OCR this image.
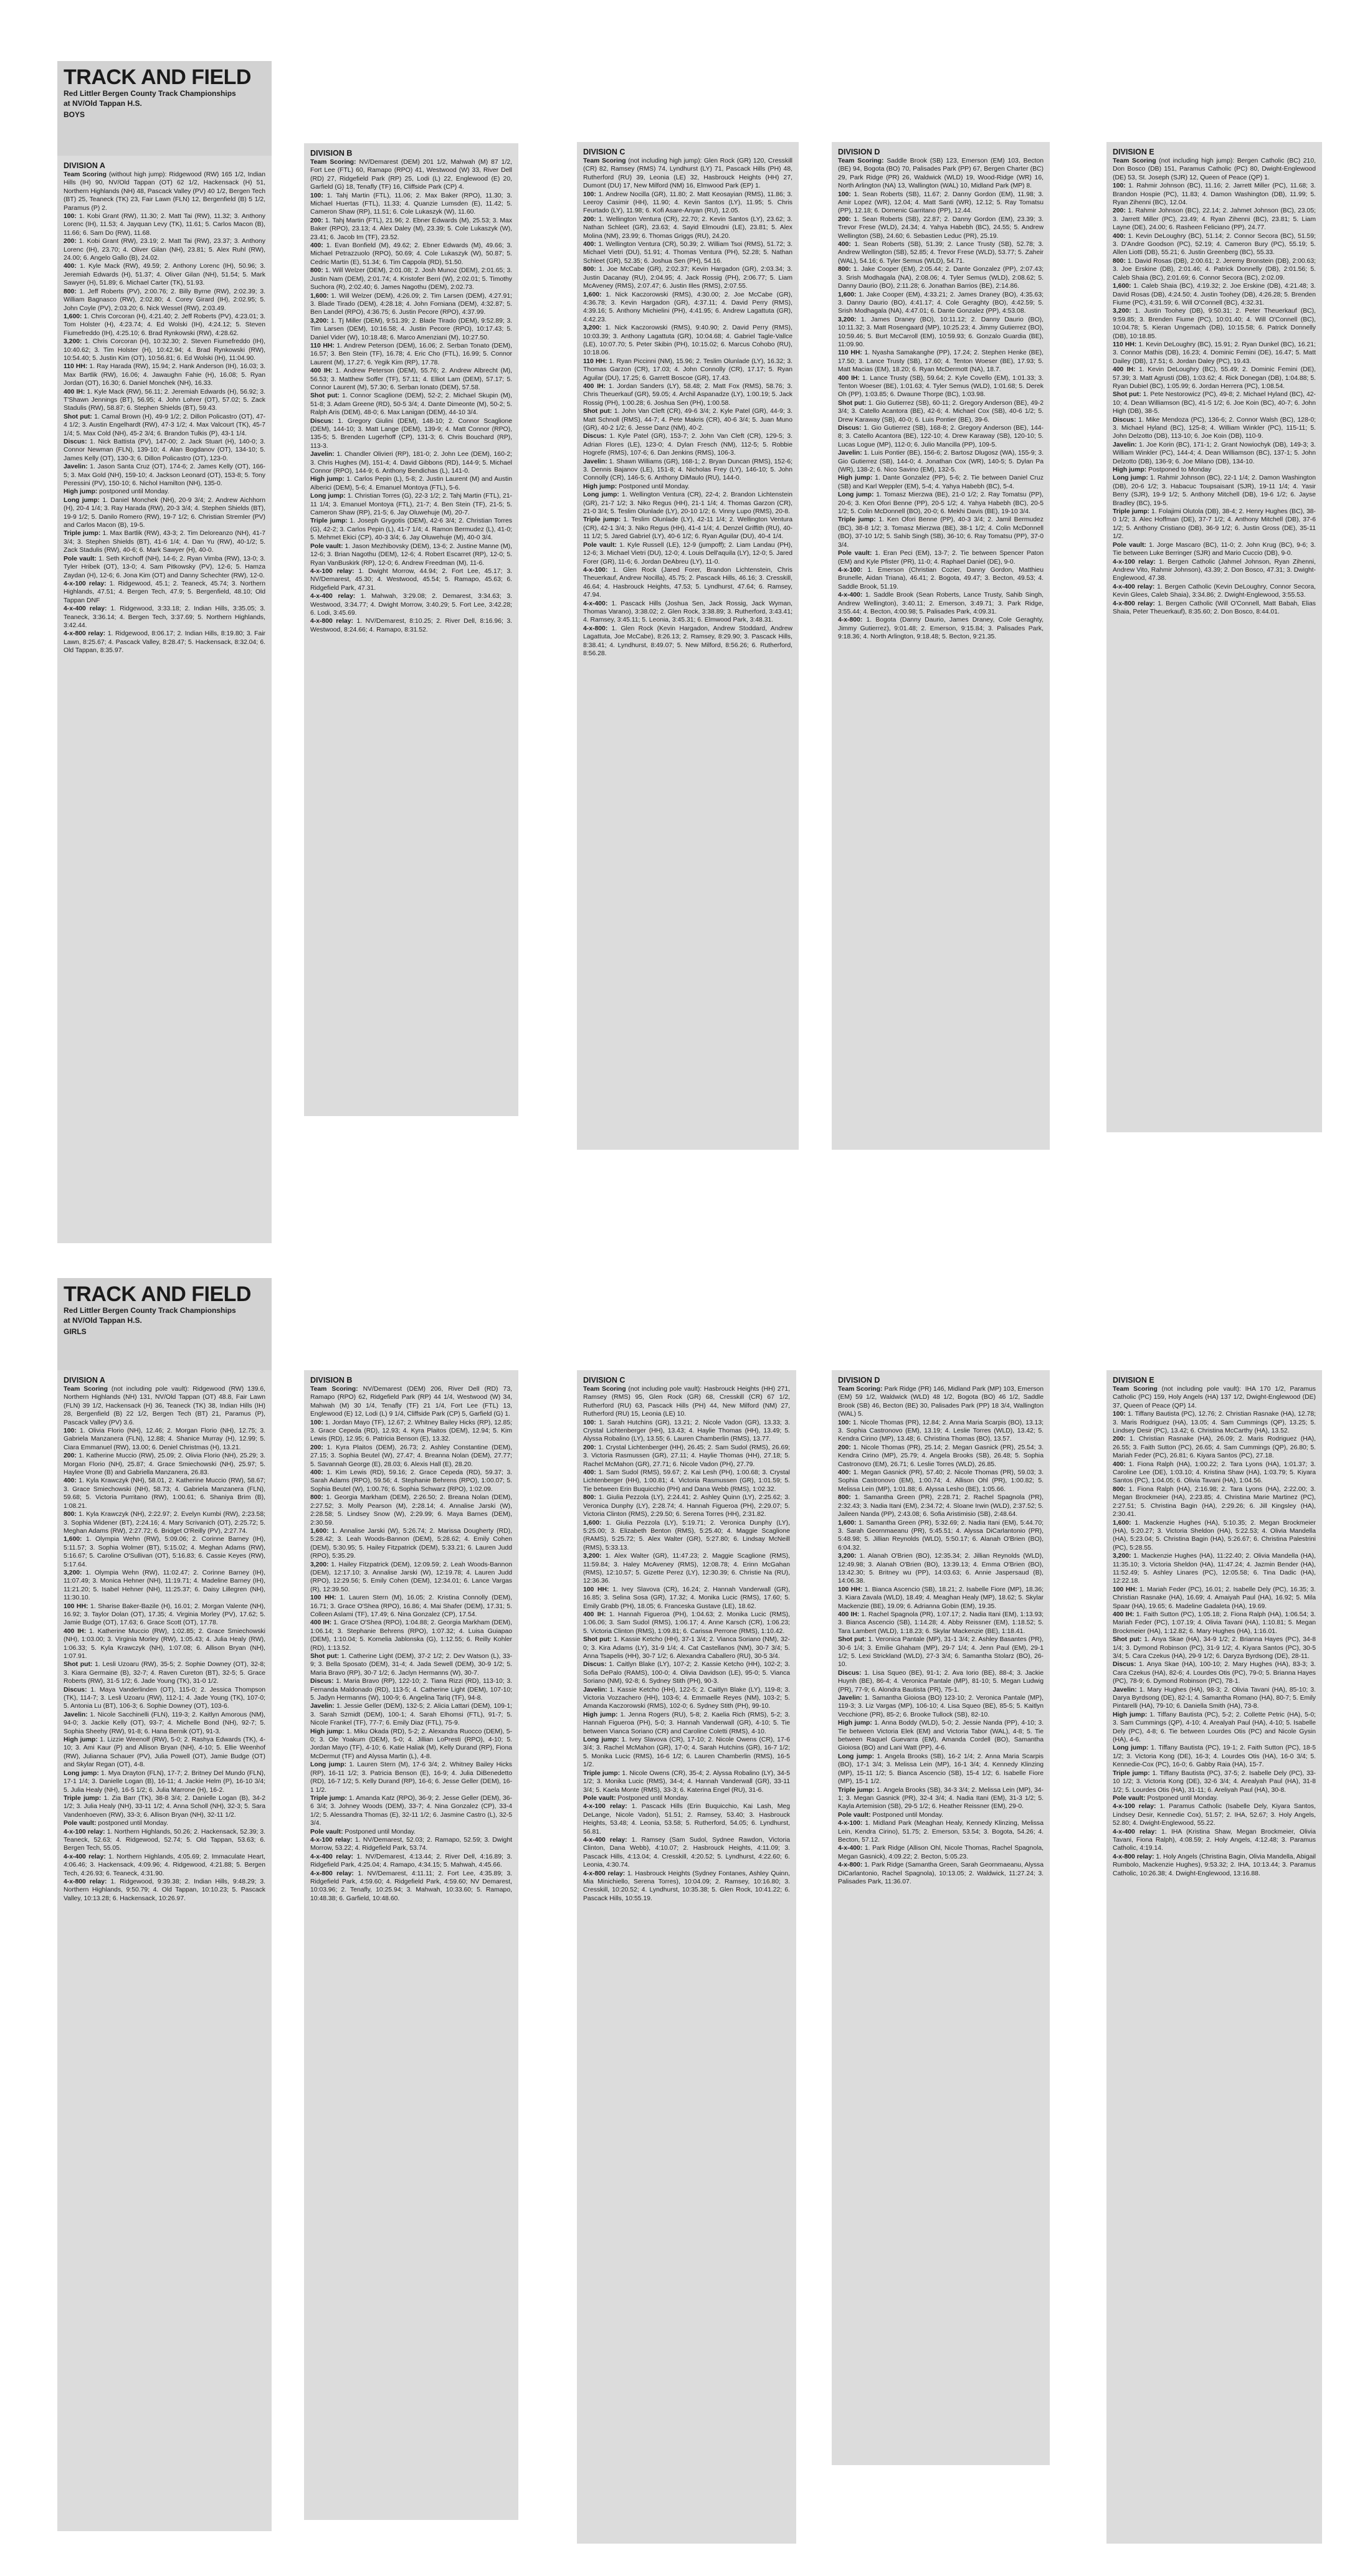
TRACK AND FIELD
Red Littler Bergen County Track Championships
at NV/Old Tappan H.S.
BOYS
DIVISION A

Team Scoring (without high jump): Ridgewood (RW) 165 1/2, Indian Hills (IH) 90, NV/Old Tappan (OT) 62 1/2, Hackensack (H) 51, Northern Highlands (NH) 48, Pascack Valley (PV) 40 1/2, Bergen Tech (BT) 25, Teaneck (TK) 23, Fair Lawn (FLN) 12, Bergenfield (B) 5 1/2, Paramus (P) 2.

100: 1. Kobi Grant (RW), 11.30; 2. Matt Tai (RW), 11.32; 3. Anthony Lorenc (IH), 11.53; 4. Jayquan Levy (TK), 11.61; 5. Carlos Macon (B), 11.66; 6. Sam Do (RW), 11.68.

200: 1. Kobi Grant (RW), 23.19; 2. Matt Tai (RW), 23.37; 3. Anthony Lorenc (IH), 23.70; 4. Oliver Gilan (NH), 23.81; 5. Alex Ruhl (RW), 24.00; 6. Angelo Gallo (B), 24.02.

400: 1. Kyle Mack (RW), 49.59; 2. Anthony Lorenc (IH), 50.96; 3. Jeremiah Edwards (H), 51.37; 4. Oliver Gilan (NH), 51.54; 5. Mark Sawyer (H), 51.89; 6. Michael Carter (TK), 51.93.

800: 1. Jeff Roberts (PV), 2:00.76; 2. Billy Byrne (RW), 2:02.39; 3. William Bagnasco (RW), 2:02.80; 4. Corey Girard (IH), 2:02.95; 5. John Coyle (PV), 2:03.20; 6. Nick Wessel (RW), 2:03.49.

1,600: 1. Chris Corcoran (H), 4:21.40; 2. Jeff Roberts (PV), 4:23.01; 3. Tom Holster (H), 4:23.74; 4. Ed Wolski (IH), 4:24.12; 5. Steven Fiumefreddo (IH), 4:25.10; 6. Brad Rynkowski (RW), 4:28.62.

3,200: 1. Chris Corcoran (H), 10:32.30; 2. Steven Fiumefreddo (IH), 10:40.62; 3. Tim Holster (H), 10:42.94; 4. Brad Rynkowski (RW), 10:54.40; 5. Justin Kim (OT), 10:56.81; 6. Ed Wolski (IH), 11:04.90.

110 HH: 1. Ray Harada (RW), 15.94; 2. Hank Anderson (IH), 16.03; 3. Max Bartlik (RW), 16.06; 4. Jawaughn Fahie (H), 16.08; 5. Ryan Jordan (OT), 16.30; 6. Daniel Monchek (NH), 16.33.

400 IH: 1. Kyle Mack (RW), 56.11; 2. Jeremiah Edwards (H), 56.92; 3. T'Shawn Jennings (BT), 56.95; 4. John Lohrer (OT), 57.02; 5. Zack Stadulis (RW), 58.87; 6. Stephen Shields (BT), 59.43.

Shot put: 1. Camal Brown (H), 49-9 1/2; 2. Dillon Policastro (OT), 47-4 1/2; 3. Austin Engelhardt (RW), 47-3 1/2; 4. Max Valcourt (TK), 45-7 1/4; 5. Max Cold (NH), 45-2 3/4; 6. Brandon Tulkis (P), 43-1 1/4.

Discus: 1. Nick Battista (PV), 147-00; 2. Jack Stuart (H), 140-0; 3. Connor Newman (FLN), 139-10; 4. Alan Bogdanov (OT), 134-10; 5. James Kelly (OT), 130-3; 6. Dillon Policastro (OT), 123-0.

Javelin: 1. Jason Santa Cruz (OT), 174-6; 2. James Kelly (OT), 166-5; 3. Max Gold (NH), 159-10; 4. Jackson Leonard (OT), 153-8; 5. Tony Peressini (PV), 150-10; 6. Nichol Hamilton (NH), 135-0.

High jump: postponed until Monday.

Long jump: 1. Daniel Monchek (NH), 20-9 3/4; 2. Andrew Aichhorn (H), 20-4 1/4; 3. Ray Harada (RW), 20-3 3/4; 4. Stephen Shields (BT), 19-9 1/2; 5. Danilo Romero (RW), 19-7 1/2; 6. Christian Stremler (PV) and Carlos Macon (B), 19-5.

Triple jump: 1. Max Bartlik (RW), 43-3; 2. Tim Deloreanzo (NH), 41-7 3/4; 3. Stephen Shields (BT), 41-6 1/4; 4. Dan Yu (RW), 40-1/2; 5. Zack Stadulis (RW), 40-6; 6. Mark Sawyer (H), 40-0.

Pole vault: 1. Seth Kirchoff (NH), 14-6; 2. Ryan Vimba (RW), 13-0; 3. Tyler Hribek (OT), 13-0; 4. Sam Pitkowsky (PV), 12-6; 5. Hamza Zaydan (H), 12-6; 6. Jona Kim (OT) and Danny Schechter (RW), 12-0.

4-x-100 relay: 1. Ridgewood, 45.1; 2. Teaneck, 45.74; 3. Northern Highlands, 47.51; 4. Bergen Tech, 47.9; 5. Bergenfield, 48.10; Old Tappan DNF

4-x-400 relay: 1. Ridgewood, 3:33.18; 2. Indian Hills, 3:35.05; 3. Teaneck, 3:36.14; 4. Bergen Tech, 3:37.69; 5. Northern Highlands, 3:42.44.

4-x-800 relay: 1. Ridgewood, 8:06.17; 2. Indian Hills, 8:19.80; 3. Fair Lawn, 8:25.67; 4. Pascack Valley, 8:28.47; 5. Hackensack, 8:32.04; 6. Old Tappan, 8:35.97.

DIVISION B

Team Scoring: NV/Demarest (DEM) 201 1/2, Mahwah (M) 87 1/2, Fort Lee (FTL) 60, Ramapo (RPO) 41, Westwood (W) 33, River Dell (RD) 27, Ridgefield Park (RP) 25, Lodi (L) 22, Englewood (E) 20, Garfield (G) 18, Tenafly (TF) 16, Cliffside Park (CP) 4.

100: 1. Tahj Martin (FTL), 11.06; 2. Max Baker (RPO), 11.30; 3. Michael Huertas (FTL), 11.33; 4. Quanzie Lumsden (E), 11.42; 5. Cameron Shaw (RP), 11.51; 6. Cole Lukaszyk (W), 11.60.

200: 1. Tahj Martin (FTL), 21.96; 2. Ebner Edwards (M), 25.53; 3. Max Baker (RPO), 23.13; 4. Alex Daley (M), 23.39; 5. Cole Lukaszyk (W), 23.41; 6. Jacob Im (TF), 23.52.

400: 1. Evan Bonfield (M), 49.62; 2. Ebner Edwards (M), 49.66; 3. Michael Petrazzuolo (RPO), 50.69; 4. Cole Lukaszyk (W), 50.87; 5. Cedric Martin (E), 51.34; 6. Tim Cappola (RD), 51.50.

800: 1. Will Welzer (DEM), 2:01.08; 2. Josh Munoz (DEM), 2:01.65; 3. Justin Nam (DEM), 2:01.74; 4. Kristofer Berri (W), 2:02.01; 5. Timothy Suchora (R), 2:02.40; 6. James Nagothu (DEM), 2:02.73.

1,600: 1. Will Welzer (DEM), 4:26.09; 2. Tim Larsen (DEM), 4:27.91; 3. Blade Tirado (DEM), 4:28.18; 4. John Forniana (DEM), 4:32.87; 5. Ben Landel (RPO), 4:36.75; 6. Justin Pecore (RPO), 4:37.99.

3,200: 1. Tj Miller (DEM), 9:51.39; 2. Blade Tirado (DEM), 9:52.89; 3. Tim Larsen (DEM), 10:16.58; 4. Justin Pecore (RPO), 10:17.43; 5. Daniel Vider (W), 10:18.48; 6. Marco Amenziani (M), 10:27.50.

110 HH: 1. Andrew Peterson (DEM), 16.06; 2. Serban Tonato (DEM), 16.57; 3. Ben Stein (TF), 16.78; 4. Eric Cho (FTL), 16.99; 5. Connor Laurent (M), 17.27; 6. Yegik Kim (RP), 17.78.

400 IH: 1. Andrew Peterson (DEM), 55.76; 2. Andrew Albrecht (M), 56.53; 3. Matthew Soffer (TF), 57.11; 4. Elliot Lam (DEM), 57.17; 5. Connor Laurent (M), 57.30; 6. Serban Ionato (DEM), 57.58.

Shot put: 1. Connor Scaglione (DEM), 52-2; 2. Michael Skupin (M), 51-8; 3. Adam Greene (RD), 50-5 3/4; 4. Dante Dimeonte (M), 50-2; 5. Ralph Aris (DEM), 48-0; 6. Max Lanigan (DEM), 44-10 3/4.

Discus: 1. Gregory Giulini (DEM), 148-10; 2. Connor Scaglione (DEM), 144-10; 3. Matt Lange (DEM), 139-9; 4. Matt Connor (RPO), 135-5; 5. Brenden Lugerhoff (CP), 131-3; 6. Chris Bouchard (RP), 113-3.

Javelin: 1. Chandler Olivieri (RP), 181-0; 2. John Lee (DEM), 160-2; 3. Chris Hughes (M), 151-4; 4. David Gibbons (RD), 144-9; 5. Michael Connor (RPO), 144-9; 6. Anthony Bendichas (L), 141-0.

High jump: 1. Carlos Pepin (L), 5-8; 2. Justin Laurent (M) and Austin Alberici (DEM), 5-6; 4. Emanuel Montoya (FTL), 5-6.

Long jump: 1. Christian Torres (G), 22-3 1/2; 2. Tahj Martin (FTL), 21-11 1/4; 3. Emanuel Montoya (FTL), 21-7; 4. Ben Stein (TF), 21-5; 5. Cameron Shaw (RP), 21-5; 6. Jay Oluwehuje (M), 20-7.

Triple jump: 1. Joseph Grygotis (DEM), 42-6 3/4; 2. Christian Torres (G), 42-2; 3. Carlos Pepin (L), 41-7 1/4; 4. Ramon Bermudez (L), 41-0; 5. Mehmet Ekici (CP), 40-3 3/4; 6. Jay Oluwehuje (M), 40-0 3/4.

Pole vault: 1. Jason Mezhibovsky (DEM), 13-6; 2. Justine Manne (M), 12-6; 3. Brian Nagothu (DEM), 12-6; 4. Robert Escarret (RP), 12-0; 5. Ryan VanBuskirk (RP), 12-0; 6. Andrew Freedman (M), 11-6.

4-x-100 relay: 1. Dwight Morrow, 44.94; 2. Fort Lee, 45.17; 3. NV/Demarest, 45.30; 4. Westwood, 45.54; 5. Ramapo, 45.63; 6. Ridgefield Park, 47.31.

4-x-400 relay: 1. Mahwah, 3:29.08; 2. Demarest, 3:34.63; 3. Westwood, 3:34.77; 4. Dwight Morrow, 3:40.29; 5. Fort Lee, 3:42.28; 6. Lodi, 3:45.69.

4-x-800 relay: 1. NV/Demarest, 8:10.25; 2. River Dell, 8:16.96; 3. Westwood, 8:24.66; 4. Ramapo, 8:31.52.

DIVISION C

Team Scoring (not including high jump): Glen Rock (GR) 120, Cresskill (CR) 82, Ramsey (RMS) 74, Lyndhurst (LY) 71, Pascack Hills (PH) 48, Rutherford (RU) 39, Leonia (LE) 32, Hasbrouck Heights (HH) 27, Dumont (DU) 17, New Milford (NM) 16, Elmwood Park (EP) 1.

100: 1. Andrew Nocilla (GR), 11.80; 2. Matt Keosayian (RMS), 11.86; 3. Leeroy Casimir (HH), 11.90; 4. Kevin Santos (LY), 11.95; 5. Chris Feurtado (LY), 11.98; 6. Kofi Asare-Anyan (RU), 12.05.

200: 1. Wellington Ventura (CR), 22.70; 2. Kevin Santos (LY), 23.62; 3. Nathan Schleet (GR), 23.63; 4. Sayid Elmoudni (LE), 23.81; 5. Alex Molina (NM), 23.99; 6. Thomas Griggs (RU), 24.20.

400: 1. Wellington Ventura (CR), 50.39; 2. William Tsoi (RMS), 51.72; 3. Michael Vietri (DU), 51.91; 4. Thomas Ventura (PH), 52.28; 5. Nathan Schleet (GR), 52.35; 6. Joshua Sen (PH), 54.16.

800: 1. Joe McCabe (GR), 2:02.37; Kevin Hargadon (GR), 2:03.34; 3. Justin Dacanay (RU), 2:04.95; 4. Jack Rossig (PH), 2:06.77; 5. Liam McAveney (RMS), 2:07.47; 6. Justin Illes (RMS), 2:07.55.

1,600: 1. Nick Kaczorowski (RMS), 4:30.00; 2. Joe McCabe (GR), 4:36.78; 3. Kevin Hargadon (GR), 4:37.11; 4. David Perry (RMS), 4:39.16; 5. Anthony Michielini (PH), 4:41.95; 6. Andrew Lagattuta (GR), 4:42.23.

3,200: 1. Nick Kaczorowski (RMS), 9:40.90; 2. David Perry (RMS), 10:03.39; 3. Anthony Lagattuta (GR), 10:04.68; 4. Gabriel Tagle-Vallce (LE), 10:07.70; 5. Peter Skibin (PH), 10:15.02; 6. Marcus Cohobo (RU), 10:18.06.

110 HH: 1. Ryan Piccinni (NM), 15.96; 2. Teslim Olunlade (LY), 16.32; 3. Thomas Garzon (CR), 17.03; 4. John Connolly (CR), 17.17; 5. Ryan Aguilar (DU), 17.25; 6. Garrett Boscoe (GR), 17.43.

400 IH: 1. Jordan Sanders (LY), 58.48; 2. Matt Fox (RMS), 58.76; 3. Chris Theuerkauf (GR), 59.05; 4. Archil Aspanadze (LY), 1:00.19; 5. Jack Rossig (PH), 1:00.28; 6. Joshua Sen (PH), 1:00.58.

Shot put: 1. John Van Cleft (CR), 49-6 3/4; 2. Kyle Patel (GR), 44-9; 3. Matt Schnoll (RMS), 44-7; 4. Pete Makris (CR), 40-6 3/4; 5. Juan Muno (GR), 40-2 1/2; 6. Jesse Danz (NM), 40-2.

Discus: 1. Kyle Patel (GR), 153-7; 2. John Van Cleft (CR), 129-5; 3. Adrian Flores (LE), 123-0; 4. Dylan Fresch (NM), 112-5; 5. Robbie Hogrefe (RMS), 107-6; 6. Dan Jenkins (RMS), 106-3.

Javelin: 1. Shawn Williams (GR), 168-1; 2. Bryan Duncan (RMS), 152-6; 3. Dennis Bajanov (LE), 151-8; 4. Nicholas Frey (LY), 146-10; 5. John Connolly (CR), 146-5; 6. Anthony DiMaulo (RU), 144-0.

High jump: Postponed until Monday.

Long jump: 1. Wellington Ventura (CR), 22-4; 2. Brandon Lichtenstein (GR), 21-7 1/2; 3. Niko Regus (HH), 21-1 1/4; 4. Thomas Garzon (CR), 21-0 3/4; 5. Teslim Olunlade (LY), 20-10 1/2; 6. Vinny Lupo (RMS), 20-8.

Triple jump: 1. Teslim Olunlade (LY), 42-11 1/4; 2. Wellington Ventura (CR), 42-1 3/4; 3. Niko Regus (HH), 41-4 1/4; 4. Denzel Griffith (RU), 40-11 1/2; 5. Jared Gabriel (LY), 40-6 1/2; 6. Ryan Aguilar (DU), 40-4 1/4.

Pole vault: 1. Kyle Russell (LE), 12-9 (jumpoff); 2. Liam Landau (PH), 12-6; 3. Michael Vietri (DU), 12-0; 4. Louis Dell'aquila (LY), 12-0; 5. Jared Forer (GR), 11-6; 6. Jordan DeAbreu (LY), 11-0.

4-x-100: 1. Glen Rock (Jared Forer, Brandon Lichtenstein, Chris Theuerkauf, Andrew Nocilla), 45.75; 2. Pascack Hills, 46.16; 3. Cresskill, 46.64; 4. Hasbrouck Heights, 47.53; 5. Lyndhurst, 47.64; 6. Ramsey, 47.94.

4-x-400: 1. Pascack Hills (Joshua Sen, Jack Rossig, Jack Wyman, Thomas Varano), 3:38.02; 2. Glen Rock, 3:38.89; 3. Rutherford, 3:43.41; 4. Ramsey, 3:45.11; 5. Leonia, 3:45.31; 6. Elmwood Park, 3:48.31.

4-x-800: 1. Glen Rock (Kevin Hargadon, Andrew Stoddard, Andrew Lagattuta, Joe McCabe), 8:26.13; 2. Ramsey, 8:29.90; 3. Pascack Hills, 8:38.41; 4. Lyndhurst, 8:49.07; 5. New Milford, 8:56.26; 6. Rutherford, 8:56.28.

DIVISION D

Team Scoring: Saddle Brook (SB) 123, Emerson (EM) 103, Becton (BE) 94, Bogota (BO) 70, Palisades Park (PP) 67, Bergen Charter (BC) 29, Park Ridge (PR) 26, Waldwick (WLD) 19, Wood-Ridge (WR) 16, North Arlington (NA) 13, Wallington (WAL) 10, Midland Park (MP) 8.

100: 1. Sean Roberts (SB), 11.67; 2. Danny Gordon (EM), 11.98; 3. Amir Lopez (WR), 12.04; 4. Matt Santi (WR), 12.12; 5. Ray Tomatsu (PP), 12.18; 6. Domenic Garritano (PP), 12.44.

200: 1. Sean Roberts (SB), 22.87; 2. Danny Gordon (EM), 23.39; 3. Trevor Frese (WLD), 24.34; 4. Yahya Habebh (BC), 24.55; 5. Andrew Wellington (SB), 24.60; 6. Sebastien Leduc (PR), 25.19.

400: 1. Sean Roberts (SB), 51.39; 2. Lance Trusty (SB), 52.78; 3. Andrew Wellington (SB), 52.85; 4. Trevor Frese (WLD), 53.77; 5. Zaheir (WAL), 54.16; 6. Tyler Semus (WLD), 54.71.

800: 1. Jake Cooper (EM), 2:05.44; 2. Dante Gonzalez (PP), 2:07.43; 3. Srish Modhagala (NA), 2:08.06; 4. Tyler Semus (WLD), 2:08.62; 5. Danny Daurio (BO), 2:11.28; 6. Jonathan Barrios (BE), 2:14.86.

1,600: 1. Jake Cooper (EM), 4:33.21; 2. James Draney (BO), 4:35.63; 3. Danny Daurio (BO), 4:41.17; 4. Cole Geraghty (BO), 4:42.59; 5. Srish Modhagala (NA), 4:47.01; 6. Dante Gonzalez (PP), 4:53.08.

3,200: 1. James Draney (BO), 10:11.12; 2. Danny Daurio (BO), 10:11.32; 3. Matt Rosengaard (MP), 10:25.23; 4. Jimmy Gutierrez (BO), 10:59.46; 5. Burt McCarroll (EM), 10:59.93; 6. Gonzalo Guardia (BE), 11:09.90.

110 HH: 1. Nyasha Samakanghe (PP), 17.24; 2. Stephen Henke (BE), 17.50; 3. Lance Trusty (SB), 17.60; 4. Tenton Woeser (BE), 17.93; 5. Matt Macias (EM), 18.20; 6. Ryan McDermott (NA), 18.7.

400 IH: 1. Lance Trusty (SB), 59.64; 2. Kyle Covello (EM), 1:01.33; 3. Tenton Woeser (BE), 1:01.63; 4. Tyler Semus (WLD), 1:01.68; 5. Derek Oh (PP), 1:03.85; 6. Dwaune Thorpe (BC), 1:03.98.

Shot put: 1. Gio Gutierrez (SB), 60-11; 2. Gregory Anderson (BE), 49-2 3/4; 3. Catello Acantora (BE), 42-6; 4. Michael Cox (SB), 40-6 1/2; 5. Drew Karaway (SB), 40-0; 6. Luis Pontier (BE), 39-6.

Discus: 1. Gio Gutierrez (SB), 168-8; 2. Gregory Anderson (BE), 144-8; 3. Catello Acantora (BE), 122-10; 4. Drew Karaway (SB), 120-10; 5. Lucas Logue (MP), 112-0; 6. Julio Mancilla (PP), 109-5.

Javelin: 1. Luis Pontier (BE), 156-6; 2. Bartosz Dlugosz (WA), 155-9; 3. Gio Gutierrez (SB), 144-0; 4. Jonathan Cox (WR), 140-5; 5. Dylan Pa (WR), 138-2; 6. Nico Savino (EM), 132-5.

High jump: 1. Dante Gonzalez (PP), 5-6; 2. Tie between Daniel Cruz (SB) and Karl Weppler (EM), 5-4; 4. Yahya Habebh (BC), 5-4.

Long jump: 1. Tomasz Mierzwa (BE), 21-0 1/2; 2. Ray Tomatsu (PP), 20-6; 3. Ken Ofori Benne (PP), 20-5 1/2; 4. Yahya Habebh (BC), 20-5 1/2; 5. Colin McDonnell (BO), 20-0; 6. Mekhi Davis (BE), 19-10 3/4.

Triple jump: 1. Ken Ofori Benne (PP), 40-3 3/4; 2. Jamil Bermudez (BC), 38-8 1/2; 3. Tomasz Mierzwa (BE), 38-1 1/2; 4. Colin McDonnell (BO), 37-10 1/2; 5. Sahib Singh (SB), 36-10; 6. Ray Tomatsu (PP), 37-0 3/4.

Pole vault: 1. Eran Peci (EM), 13-7; 2. Tie between Spencer Paton (EM) and Kyle Pfister (PR), 11-0; 4. Raphael Daniel (DE), 9-0.

4-x-100: 1. Emerson (Christian Cozier, Danny Gordon, Matthieu Brunelle, Aidan Triana), 46.41; 2. Bogota, 49.47; 3. Becton, 49.53; 4. Saddle Brook, 51.19.

4-x-400: 1. Saddle Brook (Sean Roberts, Lance Trusty, Sahib Singh, Andrew Wellington), 3:40.11; 2. Emerson, 3:49.71; 3. Park Ridge, 3:55.44; 4. Becton, 4:00.98; 5. Palisades Park, 4:09.31.

4-x-800: 1. Bogota (Danny Daurio, James Draney, Cole Geraghty, Jimmy Gutierrez), 9:01.48; 2. Emerson, 9:15.84; 3. Palisades Park, 9:18.36; 4. North Arlington, 9:18.48; 5. Becton, 9:21.35.

DIVISION E

Team Scoring (not including high jump): Bergen Catholic (BC) 210, Don Bosco (DB) 151, Paramus Catholic (PC) 80, Dwight-Englewood (DE) 53, St. Joseph (SJR) 12, Queen of Peace (QP) 1.

100: 1. Rahmir Johnson (BC), 11.16; 2. Jarrett Miller (PC), 11.68; 3. Brandon Hospie (PC), 11.83; 4. Damon Washington (DB), 11.99; 5. Ryan Zihenni (BC), 12.04.

200: 1. Rahmir Johnson (BC), 22.14; 2. Jahmet Johnson (BC), 23.05; 3. Jarrett Miller (PC), 23.49; 4. Ryan Zihenni (BC), 23.81; 5. Liam Layne (DE), 24.00; 6. Rasheen Feliciano (PP), 24.77.

400: 1. Kevin DeLoughry (BC), 51.14; 2. Connor Secora (BC), 51.59; 3. D'Andre Goodson (PC), 52.19; 4. Cameron Bury (PC), 55.19; 5. Allen Liotti (DB), 55.21; 6. Justin Greenberg (BC), 55.33.

800: 1. David Rosas (DB), 2:00.61; 2. Jeremy Bronstein (DB), 2:00.63; 3. Joe Erskine (DB), 2:01.46; 4. Patrick Donnelly (DB), 2:01.56; 5. Caleb Shaia (BC), 2:01.69; 6. Connor Secora (BC), 2:02.09.

1,600: 1. Caleb Shaia (BC), 4:19.32; 2. Joe Erskine (DB), 4:21.48; 3. David Rosas (DB), 4:24.50; 4. Justin Toohey (DB), 4:26.28; 5. Brenden Fiume (PC), 4:31.59; 6. Will O'Connell (BC), 4:32.31.

3,200: 1. Justin Toohey (DB), 9:50.31; 2. Peter Theuerkauf (BC), 9:59.85; 3. Brenden Fiume (PC), 10:01.40; 4. Will O'Connell (BC), 10:04.78; 5. Kieran Ungemach (DB), 10:15.58; 6. Patrick Donnelly (DB), 10:18.85.

110 HH: 1. Kevin DeLoughry (BC), 15.91; 2. Ryan Dunkel (BC), 16.21; 3. Connor Mathis (DB), 16.23; 4. Dominic Femini (DE), 16.47; 5. Matt Dailey (DB), 17.51; 6. Jordan Daley (PC), 19.43.

400 IH: 1. Kevin DeLoughry (BC), 55.49; 2. Dominic Femini (DE), 57.39; 3. Matt Agrusti (DB), 1:03.62; 4. Rick Donegan (DB), 1:04.88; 5. Ryan Dubiel (BC), 1:05.99; 6. Jordan Herrera (PC), 1:08.54.

Shot put: 1. Pete Nestorowicz (PC), 49-8; 2. Michael Hyland (BC), 42-10; 4. Dean Williamson (BC), 41-5 1/2; 6. Joe Koin (BC), 40-7; 6. John High (DB), 38-5.

Discus: 1. Mike Mendoza (PC), 136-6; 2. Connor Walsh (BC), 128-0; 3. Michael Hyland (BC), 125-8; 4. William Winkler (PC), 115-11; 5. John Delzotto (DB), 113-10; 6. Joe Koin (DB), 110-9.

Javelin: 1. Joe Korin (BC), 171-1; 2. Grant Nowiochyk (DB), 149-3; 3. William Winkler (PC), 144-4; 4. Dean Williamson (BC), 137-1; 5. John Delzotto (DB), 136-9; 6. Joe Milano (DB), 134-10.

High jump: Postponed to Monday

Long jump: 1. Rahmir Johnson (BC), 22-1 1/4; 2. Damon Washington (DB), 20-6 1/2; 3. Habacuc Toupsaisant (SJR), 19-11 1/4; 4. Yasir Berry (SJR), 19-9 1/2; 5. Anthony Mitchell (DB), 19-6 1/2; 6. Jayse Bradley (BC), 19-5.

Triple jump: 1. Folajimi Olutola (DB), 38-4; 2. Henry Hughes (BC), 38-0 1/2; 3. Alec Hoffman (DE), 37-7 1/2; 4. Anthony Mitchell (DB), 37-6 1/2; 5. Anthony Cristiano (DB), 36-9 1/2; 6. Justin Gross (DE), 35-11 1/2.

Pole vault: 1. Jorge Mascaro (BC), 11-0; 2. John Krug (BC), 9-6; 3. Tie between Luke Berringer (SJR) and Mario Cuccio (DB), 9-0.

4-x-100 relay: 1. Bergen Catholic (Jahmel Johnson, Ryan Zihenni, Andrew Vito, Rahmir Johnson), 43.39; 2. Don Bosco, 47.31; 3. Dwight-Englewood, 47.38.

4-x-400 relay: 1. Bergen Catholic (Kevin DeLoughry, Connor Secora, Kevin Glees, Caleb Shaia), 3:34.86; 2. Dwight-Englewood, 3:55.53.

4-x-800 relay: 1. Bergen Catholic (Will O'Connell, Matt Babah, Elias Shaia, Peter Theuerkauf), 8:35.60; 2. Don Bosco, 8:44.01.

TRACK AND FIELD
Red Littler Bergen County Track Championships
at NV/Old Tappan H.S.
GIRLS
DIVISION A

Team Scoring (not including pole vault): Ridgewood (RW) 139.6, Northern Highlands (NH) 131, NV/Old Tappan (OT) 48.8, Fair Lawn (FLN) 39 1/2, Hackensack (H) 36, Teaneck (TK) 38, Indian Hills (IH) 28, Bergenfield (B) 22 1/2, Bergen Tech (BT) 21, Paramus (P), Pascack Valley (PV) 3.6.

100: 1. Olivia Florio (NH), 12.46; 2. Morgan Florio (NH), 12.75; 3. Gabriela Manzanera (FLN), 12.88; 4. Shanice Murray (H), 12.99; 5. Ciara Emmanuel (RW), 13.00; 6. Deniel Christmas (H), 13.21.

200: 1. Katherine Muccio (RW), 25.09; 2. Olivia Florio (NH), 25.29; 3. Morgan Florio (NH), 25.87; 4. Grace Smiechowski (NH), 25.97; 5. Haylee Vrone (B) and Gabriella Manzanera, 26.83.

400: 1. Kyla Krawczyk (NH), 58.01, 2. Katherine Muccio (RW), 58.67; 3. Grace Smiechowski (NH), 58.73; 4. Gabriela Manzanera (FLN), 59.68; 5. Victoria Purritano (RW), 1:00.61; 6. Shaniya Brim (B), 1:08.21.

800: 1. Kyla Krawczyk (NH), 2:22.97; 2. Evelyn Kumbi (RW), 2:23.58; 3. Sophia Widener (BT), 2:24.16; 4. Mary Scrivanich (OT), 2:25.72; 5. Meghan Adams (RW), 2:27.72; 6. Bridget O'Reilly (PV), 2:27.74.

1,600: 1. Olympia Wehn (RW), 5:09.06; 2. Corinne Barney (IH), 5:11.57; 3. Sophia Wolmer (BT), 5:15.02; 4. Meghan Adams (RW), 5:16.67; 5. Caroline O'Sullivan (OT), 5:16.83; 6. Cassie Keyes (RW), 5:17.64.

3,200: 1. Olympia Wehn (RW), 11:02.47; 2. Corinne Barney (IH), 11:07.49; 3. Monica Hehner (NH), 11:19.71; 4. Madeline Barney (IH), 11:21.20; 5. Isabel Hehner (NH), 11:25.37; 6. Daisy Lillegren (NH), 11:30.10.

100 HH: 1. Sharise Baker-Bazile (H), 16.01; 2. Morgan Valente (NH), 16.92; 3. Taylor Dolan (OT), 17.35; 4. Virginia Morley (PV), 17.62; 5. Jamie Budge (OT), 17.63; 6. Grace Scott (OT), 17.78.

400 IH: 1. Katherine Muccio (RW), 1:02.85; 2. Grace Smiechowski (NH), 1:03.00; 3. Virginia Morley (RW), 1:05.43; 4. Julia Healy (RW), 1:06.33; 5. Kyla Krawczyk (NH), 1:07.08; 6. Allison Bryan (NH), 1:07.91.

Shot put: 1. Lesli Uzoaru (RW), 35-5; 2. Sophie Downey (OT), 32-8; 3. Kiara Germaine (B), 32-7; 4. Raven Cureton (BT), 32-5; 5. Grace Roberts (RW), 31-5 1/2; 6. Jade Young (TK), 31-0 1/2.

Discus: 1. Maya Vanderlinden (OT), 115-0; 2. Jessica Thompson (TK), 114-7; 3. Lesli Uzoaru (RW), 112-1; 4. Jade Young (TK), 107-0; 5. Antonia Lu (BT), 106-3; 6. Sophie Downey (OT), 103-6.

Javelin: 1. Nicole Sacchinelli (FLN), 119-3; 2. Kaitlyn Amorous (NM), 94-0; 3. Jackie Kelly (OT), 93-7; 4. Michelle Bond (NH), 92-7; 5. Sophia Sheehy (RW), 91-8; 6. Hana Bernik (OT), 91-3.

High jump: 1. Lizzie Weenolf (RW), 5-0; 2. Rashya Edwards (TK), 4-10; 3. Ami Kaur (P) and Allison Bryan (NH), 4-10; 5. Ellie Weenhof (RW), Julianna Schauer (PV), Julia Powell (OT), Jamie Budge (OT) and Skylar Regan (OT), 4-8.

Long jump: 1. Mya Drayton (FLN), 17-7; 2. Britney Del Mundo (FLN), 17-1 1/4; 3. Danielle Logan (B), 16-11; 4. Jackie Helm (P), 16-10 3/4; 5. Julia Healy (NH), 16-5 1/2; 6. Julia Marrone (H), 16-2.

Triple jump: 1. Zia Barr (TK), 38-8 3/4; 2. Danielle Logan (B), 34-2 1/2; 3. Julia Healy (NH), 33-11 1/2; 4. Anna Scholl (NH), 32-3; 5. Sara Vandenhoeven (RW), 33-3; 6. Allison Bryan (NH), 32-11 1/2.

Pole vault: postponed until Monday.

4-x-100 relay: 1. Northern Highlands, 50.26; 2. Hackensack, 52.39; 3. Teaneck, 52.63; 4. Ridgewood, 52.74; 5. Old Tappan, 53.63; 6. Bergen Tech, 55.05.

4-x-400 relay: 1. Northern Highlands, 4:05.69; 2. Immaculate Heart, 4:06.46; 3. Hackensack, 4:09.96; 4. Ridgewood, 4:21.88; 5. Bergen Tech, 4:26.93; 6. Teaneck, 4:31.90.

4-x-800 relay: 1. Ridgewood, 9:39.38; 2. Indian Hills, 9:48.29; 3. Northern Highlands, 9:50.79; 4. Old Tappan, 10:10.23; 5. Pascack Valley, 10:13.28; 6. Hackensack, 10:26.97.

DIVISION B

Team Scoring: NV/Demarest (DEM) 206, River Dell (RD) 73, Ramapo (RPO) 62, Ridgefield Park (RP) 44 1/4, Westwood (W) 34, Mahwah (M) 30 1/4, Tenafly (TF) 21 1/4, Fort Lee (FTL) 13, Englewood (E) 12, Lodi (L) 9 1/4, Cliffside Park (CP) 5, Garfield (G) 1.

100: 1. Jordan Mayo (TF), 12.67; 2. Whitney Bailey Hicks (RP), 12.85; 3. Grace Cepeda (RD), 12.93; 4. Kyra Plaitos (DEM), 12.94; 5. Kim Lewis (RD), 12.95; 6. Patricia Benson (E), 13.32.

200: 1. Kyra Plaitos (DEM), 26.73; 2. Ashley Constantine (DEM), 27.15; 3. Sophia Beutel (W), 27.47; 4. Breanna Nolan (DEM), 27.77; 5. Savannah George (E), 28.03; 6. Alexis Hall (E), 28.20.

400: 1. Kim Lewis (RD), 59.16; 2. Grace Cepeda (RD), 59.37; 3. Sarah Adams (RPO), 59.56; 4. Stephanie Behrens (RPO), 1:00.07; 5. Sophia Beutel (W), 1:00.76; 6. Sophia Schwarz (RPO), 1:02.09.

800: 1. Georgia Markham (DEM), 2:26.50; 2. Breana Nolan (DEM), 2:27.52; 3. Molly Pearson (M), 2:28.14; 4. Annalise Jarski (W), 2:28.58; 5. Lindsey Snow (W), 2:29.99; 6. Maya Barnes (DEM), 2:30.59.

1,600: 1. Annalise Jarski (W), 5:26.74; 2. Marissa Dougherty (RD), 5:28.42; 3. Leah Woods-Bannon (DEM), 5:28.62; 4. Emily Cohen (DEM), 5:30.95; 5. Hailey Fitzpatrick (DEM), 5:33.21; 6. Lauren Judd (RPO), 5:35.29.

3,200: 1. Hailey Fitzpatrick (DEM), 12:09.59; 2. Leah Woods-Bannon (DEM), 12:17.10; 3. Annalise Jarski (W), 12:19.78; 4. Lauren Judd (RPO), 12:29.56; 5. Emily Cohen (DEM), 12:34.01; 6. Lance Vargas (R), 12:39.50.

100 HH: 1. Lauren Stern (M), 16.05; 2. Kristina Connolly (DEM), 16.71; 3. Grace O'Shea (RPO), 16.86; 4. Mai Shafer (DEM), 17.31; 5. Colleen Aslami (TF), 17.49; 6. Nina Gonzalez (CP), 17.54.

400 IH: 1. Grace O'Shea (RPO), 1:04.88; 2. Georgia Markham (DEM), 1:06.14; 3. Stephanie Behrens (RPO), 1:07.32; 4. Luisa Guiapao (DEM), 1:10.04; 5. Kornelia Jablonska (G), 1:12.55; 6. Reilly Kohler (RD), 1:13.52.

Shot put: 1. Catherine Light (DEM), 37-2 1/2; 2. Dev Watson (L), 33-9; 3. Bella Sposato (DEM), 31-4; 4. Jada Sewell (DEM), 30-9 1/2; 5. Maria Bravo (RP), 30-7 1/2; 6. Jaclyn Hermanns (W), 30-7.

Discus: 1. Maria Bravo (RP), 122-10; 2. Tiana Rizzi (RD), 113-10; 3. Fernanda Maldonado (RD), 113-5; 4. Catherine Light (DEM), 107-10; 5. Jadyn Hermanns (W), 100-9; 6. Angelina Tariq (TF), 94-8.

Javelin: 1. Jessie Geller (DEM), 132-5; 2. Alicia Lattari (DEM), 109-1; 3. Sarah Szmidt (DEM), 100-1; 4. Sarah Elhomsi (FTL), 91-7; 5. Nicole Frankel (TF), 77-7; 6. Emily Diaz (FTL), 75-9.

High jump: 1. Miku Okada (RD), 5-2; 2. Alexandra Ruocco (DEM), 5-0; 3. Ole Yoakum (DEM), 5-0; 4. Jillian LoPresti (RPO), 4-10; 5. Jordan Mayo (TF), 4-10; 6. Katie Haliak (M), Kelly Durand (RP), Fiona McDermut (TF) and Alyssa Martin (L), 4-8.

Long jump: 1. Lauren Stern (M), 17-6 3/4; 2. Whitney Bailey Hicks (RP), 16-11 1/2; 3. Patricia Benson (E), 16-9; 4. Julia DiBenedetto (RD), 16-7 1/2; 5. Kelly Durand (RP), 16-6; 6. Jesse Geller (DEM), 16-1 1/2.

Triple jump: 1. Amanda Katz (RPO), 36-9; 2. Jesse Geller (DEM), 36-6 3/4; 3. Johney Woods (DEM), 33-7; 4. Nina Gonzalez (CP), 33-4 1/2; 5. Alessandra Thomas (E), 32-11 1/2; 6. Jasmine Castro (L), 32-5 3/4.

Pole vault: Postponed until Monday.

4-x-100 relay: 1. NV/Demarest, 52.03; 2. Ramapo, 52.59; 3. Dwight Morrow, 53.22; 4. Ridgefield Park, 53.74.

4-x-400 relay: 1. NV/Demarest, 4:13.44; 2. River Dell, 4:16.89; 3. Ridgefield Park, 4:25.04; 4. Ramapo, 4:34.15; 5. Mahwah, 4:45.66.

4-x-800 relay: 1. NV/Demarest, 4:11.11; 2. Fort Lee, 4:35.89; 3. Ridgefield Park, 4:59.60; 4. Ridgefield Park, 4:59.60; NV Demarest, 10:03.96; 2. Tenafly, 10:25.94; 3. Mahwah, 10:33.60; 5. Ramapo, 10:48.38; 6. Garfield, 10:48.60.

DIVISION C

Team Scoring (not including pole vault): Hasbrouck Heights (HH) 271, Ramsey (RMS) 95, Glen Rock (GR) 68, Cresskill (CR) 67 1/2, Rutherford (RU) 63, Pascack Hills (PH) 44, New Milford (NM) 27, Rutherford (RU) 15, Leonia (LE) 10.

100: 1. Sarah Hutchins (GR), 13.21; 2. Nicole Vadon (GR), 13.33; 3. Crystal Lichtenberger (HH), 13.43; 4. Haylie Thomas (HH), 13.49; 5. Alyssa Robalino (LY), 13.55; 6. Lauren Chamberlin (RMS), 13.77.

200: 1. Crystal Lichtenberger (HH), 26.45; 2. Sam Sudol (RMS), 26.69; 3. Victoria Rasmussen (GR), 27.11; 4. Haylie Thomas (HH), 27.18; 5. Rachel McMahon (GR), 27.71; 6. Nicole Vadon (PH), 27.79.

400: 1. Sam Sudol (RMS), 59.67; 2. Kai Lesh (PH), 1:00.68; 3. Crystal Lichtenberger (HH), 1:00.81; 4. Victoria Rasmussen (GR), 1:01.59; 5. Tie between Erin Buquicchio (PH) and Dana Webb (RMS), 1:02.32.

800: 1. Giulia Pezzola (LY), 2:24.41; 2. Ashley Quinn (LY), 2:25.62; 3. Veronica Dunphy (LY), 2:28.74; 4. Hannah Figueroa (PH), 2:29.07; 5. Victoria Clinton (RMS), 2:29.50; 6. Serena Torres (HH), 2:31.82.

1,600: 1. Giulia Pezzola (LY), 5:19.71; 2. Veronica Dunphy (LY), 5:25.00; 3. Elizabeth Benton (RMS), 5:25.40; 4. Maggie Scaglione (RAMS), 5:25.72; 5. Alex Walter (GR), 5:27.80; 6. Lindsay McNeill (RMS), 5:33.13.

3,200: 1. Alex Walter (GR), 11:47.23; 2. Maggie Scaglione (RMS), 11:59.84; 3. Haley McAveney (RMS), 12:08.78; 4. Erinn McGahan (RMS), 12:10.57; 5. Gizette Perez (LY), 12:30.39; 6. Christie Na (RU), 12:36.36.

100 HH: 1. Ivey Slavova (CR), 16.24; 2. Hannah Vanderwall (GR), 16.85; 3. Selina Sosa (GR), 17.32; 4. Monika Lucic (RMS), 17.60; 5. Emily Grabb (PH), 18.05; 6. Franceska Gustave (LE), 18.62.

400 IH: 1. Hannah Figueroa (PH), 1:04.63; 2. Monika Lucic (RMS), 1:06.06; 3. Sam Sudol (RMS), 1:06.17; 4. Anne Karsch (CR), 1:06.23; 5. Victoria Clinton (RMS), 1:09.81; 6. Carissa Perrone (RMS), 1:10.42.

Shot put: 1. Kassie Ketcho (HH), 37-1 3/4; 2. Vianca Soriano (NM), 32-0; 3. Kira Adams (LY), 31-9 1/4; 4. Cat Castellanos (NM), 30-7 3/4; 5. Anna Tsapelis (HH), 30-7 1/2; 6. Alexandra Caballero (RU), 30-5 3/4.

Discus: 1. Caitlyn Blake (LY), 107-2; 2. Kassie Ketcho (HH), 102-2; 3. Sofia DePalo (RAMS), 100-0; 4. Olivia Davidson (LE), 95-0; 5. Vianca Soriano (NM), 92-8; 6. Sydney Stith (PH), 90-3.

Javelin: 1. Kassie Ketcho (HH), 122-5; 2. Caitlyn Blake (LY), 119-8; 3. Victoria Vozzachero (HH), 103-6; 4. Emmaelle Reyes (NM), 103-2; 5. Amanda Kaczorowski (RMS), 102-0; 6. Sydney Stith (PH), 99-10.

High jump: 1. Jenna Rogers (RU), 5-8; 2. Kaelia Rich (RMS), 5-2; 3. Hannah Figueroa (PH), 5-0; 3. Hannah Vanderwall (GR), 4-10; 5. Tie between Vianca Soriano (CR) and Caroline Coletti (RMS), 4-10.

Long jump: 1. Ivey Slavova (CR), 17-10; 2. Nicole Owens (CR), 17-6 3/4; 3. Rachel McMahon (GR), 17-0; 4. Sarah Hutchins (GR), 16-7 1/2; 5. Monika Lucic (RMS), 16-6 1/2; 6. Lauren Chamberlin (RMS), 16-5 1/2.

Triple jump: 1. Nicole Owens (CR), 35-4; 2. Alyssa Robalino (LY), 34-5 1/2; 3. Monika Lucic (RMS), 34-4; 4. Hannah Vanderwall (GR), 33-11 3/4; 5. Kaela Monte (RMS), 33-3; 6. Katerina Engel (RU), 31-6.

Pole vault: Postponed until Monday.

4-x-100 relay: 1. Pascack Hills (Erin Buquicchio, Kai Lash, Meg DeLange, Nicole Vadon), 51.51; 2. Ramsey, 53.40; 3. Hasbrouck Heights, 53.48; 4. Leonia, 53.58; 5. Rutherford, 54.05; 6. Lyndhurst, 56.81.

4-x-400 relay: 1. Ramsey (Sam Sudol, Sydnee Rawdon, Victoria Clinton, Dana Webb), 4:10.07; 2. Hasbrouck Heights, 4:11.09; 3. Pascack Hills, 4:13.04; 4. Cresskill, 4:20.52; 5. Lyndhurst, 4:22.60; 6. Leonia, 4:30.74.

4-x-800 relay: 1. Hasbrouck Heights (Sydney Fontanes, Ashley Quinn, Mia Minichiello, Serena Torres), 10:04.09; 2. Ramsey, 10:16.80; 3. Cresskill, 10:20.52; 4. Lyndhurst, 10:35.38; 5. Glen Rock, 10:41.22; 6. Pascack Hills, 10:55.19.

DIVISION D

Team Scoring: Park Ridge (PR) 146, Midland Park (MP) 103, Emerson (EM) 59 1/2, Waldwick (WLD) 48 1/2, Bogota (BO) 46 1/2, Saddle Brook (SB) 46, Becton (BE) 30, Palisades Park (PP) 18 3/4, Wallington (WAL) 5.

100: 1. Nicole Thomas (PR), 12.84; 2. Anna Maria Scarpis (BO), 13.13; 3. Sophia Castronovo (EM), 13.19; 4. Leslie Torres (WLD), 13.42; 5. Kendra Cirino (MP), 13.48; 6. Christina Thomas (BO), 13.57.

200: 1. Nicole Thomas (PR), 25.14; 2. Megan Gasnick (PR), 25.54; 3. Kendra Cirino (MP), 25.79; 4. Angela Brooks (SB), 26.48; 5. Sophia Castronovo (EM), 26.71; 6. Leslie Torres (WLD), 26.85.

400: 1. Megan Gasnick (PR), 57.40; 2. Nicole Thomas (PR), 59.03; 3. Sophia Castronovo (EM), 1:00.74; 4. Allison Ohl (PR), 1:00.82; 5. Melissa Lein (MP), 1:01.88; 6. Alyssa Lesho (BE), 1:05.66.

800: 1. Samantha Green (PR), 2:28.71; 2. Rachel Spagnola (PR), 2:32.43; 3. Nadia Itani (EM), 2:34.72; 4. Sloane Irwin (WLD), 2:37.52; 5. Jaileen Nanda (PP), 2:43.08; 6. Sofia Aristimisio (SB), 2:48.64.

1,600: 1. Samantha Green (PR), 5:32.69; 2. Nadia Itani (EM), 5:44.70; 3. Sarah Geornmaeanu (PR), 5:45.51; 4. Alyssa DiCarlantonio (PR), 5:48.98; 5. Jillian Reynolds (WLD), 5:50.17; 6. Alanah O'Brien (BO), 6:04.32.

3,200: 1. Alanah O'Brien (BO), 12:35.34; 2. Jillian Reynolds (WLD), 12:49.98; 3. Alanah O'Brien (BO), 13:39.13; 4. Emma O'Brien (BO), 13:42.30; 5. Britney wu (PP), 14:03.63; 6. Annie Jaspersaud (B), 14:06.38.

100 HH: 1. Bianca Ascencio (SB), 18.21; 2. Isabelle Fiore (MP), 18.36; 3. Kiara Zavala (WLD), 18.49; 4. Meaghan Healy (MP), 18.62; 5. Skylar Mackenzie (BE), 19.09; 6. Adrianna Gobin (EM), 19.35.

400 IH: 1. Rachel Spagnola (PR), 1:07.17; 2. Nadia Itani (EM), 1:13.93; 3. Bianca Ascencio (SB), 1:14.28; 4. Abby Reissner (EM), 1:18.52; 5. Tara Lambert (WLD), 1:18.23; 6. Skylar Mackenzie (BE), 1:18.41.

Shot put: 1. Veronica Pantale (MP), 31-1 3/4; 2. Ashley Basantes (PR), 30-6 1/4; 3. Emilie Ghaham (MP), 29-7 1/4; 4. Jenn Paul (EM), 29-1 1/2; 5. Lexi Strickland (WLD), 27-3 3/4; 6. Samantha Stolarz (BO), 26-10.

Discus: 1. Lisa Squeo (BE), 91-1; 2. Ava Iorio (BE), 88-4; 3. Jackie Huynh (BE), 86-4; 4. Veronica Pantale (MP), 81-10; 5. Megan Ludwig (PR), 77-9; 6. Alondra Bautista (PR), 75-1.

Javelin: 1. Samantha Gioiosa (BO) 123-10; 2. Veronica Pantale (MP), 119-3; 3. Liz Vargas (MP), 106-10; 4. Lisa Squeo (BE), 85-5; 5. Kaitlyn Vecchione (PR), 85-2; 6. Brooke Tullock (SB), 82-10.

High jump: 1. Anna Boddy (WLD), 5-0; 2. Jessie Nanda (PP), 4-10; 3. Tie between Victoria Elek (EM) and Victoria Tabor (WAL), 4-8; 5. Tie between Raquel Guevarra (EM), Amanda Cordell (BO), Samantha Gioiosa (BO) and Lani Watt (PP), 4-6.

Long jump: 1. Angela Brooks (SB), 16-2 1/4; 2. Anna Maria Scarpis (BO), 17-1 3/4; 3. Melissa Lein (MP), 16-1 3/4; 4. Kennedy Klinzing (MP), 15-11 1/2; 5. Bianca Ascencio (SB), 15-4 1/2; 6. Isabelle Fiore (MP), 15-1 1/2.

Triple jump: 1. Angela Brooks (SB), 34-3 3/4; 2. Melissa Lein (MP), 34-1; 3. Megan Gasnick (PR), 32-4 3/4; 4. Nadia Itani (EM), 31-3 1/2; 5. Kayla Artemision (SB), 29-5 1/2; 6. Heather Reissner (EM), 29-0.

Pole vault: Postponed until Monday.

4-x-100: 1. Midland Park (Meaghan Healy, Kennedy Klinzing, Melissa Lein, Kendra Cirino), 51.75; 2. Emerson, 53.54; 3. Bogota, 54.26; 4. Becton, 57.12.

4-x-400: 1. Park Ridge (Allison Ohl, Nicole Thomas, Rachel Spagnola, Megan Gasnick), 4:09.22; 2. Becton, 5:05.23.

4-x-800: 1. Park Ridge (Samantha Green, Sarah Geornmaeanu, Alyssa DiCarlantonio, Rachel Spagnola), 10:13.05; 2. Waldwick, 11:27.24; 3. Palisades Park, 11:36.07.

DIVISION E

Team Scoring (not including pole vault): IHA 170 1/2, Paramus Catholic (PC) 159, Holy Angels (HA) 137 1/2, Dwight-Englewood (DE) 37, Queen of Peace (QP) 14.

100: 1. Tiffany Bautista (PC), 12.76; 2. Christian Rasnake (HA), 12.78; 3. Maris Rodriguez (HA), 13.05; 4. Sam Cummings (QP), 13.25; 5. Lindsey Desir (PC), 13.42; 6. Christina McCarthy (HA), 13.52.

200: 1. Christian Rasnake (HA), 26.09; 2. Maris Rodriguez (HA), 26.55; 3. Faith Sutton (PC), 26.65; 4. Sam Cummings (QP), 26.80; 5. Mariah Feder (PC), 26.81; 6. Kiyara Santos (PC), 27.18.

400: 1. Fiona Ralph (HA), 1:00.22; 2. Tara Lyons (HA), 1:01.37; 3. Caroline Lee (DE), 1:03.10; 4. Kristina Shaw (HA), 1:03.79; 5. Kiyara Santos (PC), 1:04.05; 6. Olivia Tavani (HA), 1:04.56.

800: 1. Fiona Ralph (HA), 2:16.98; 2. Tara Lyons (HA), 2:22.00; 3. Megan Brockmeier (HA), 2:23.85; 4. Christina Marie Martinez (PC), 2:27.51; 5. Christina Bagin (HA), 2:29.26; 6. Jill Kingsley (HA), 2:30.41.

1,600: 1. Mackenzie Hughes (HA), 5:10.35; 2. Megan Brockmeier (HA), 5:20.27; 3. Victoria Sheldon (HA), 5:22.53; 4. Olivia Mandella (HA), 5:23.04; 5. Christina Bagin (HA), 5:26.67; 6. Christina Palestrini (PC), 5:28.55.

3,200: 1. Mackenzie Hughes (HA), 11:22.40; 2. Olivia Mandella (HA), 11:35.10; 3. Victoria Sheldon (HA), 11:47.24; 4. Jazmin Bender (HA), 11:52.49; 5. Ashley Linares (PC), 12:05.58; 6. Tina Dadic (HA), 12:22.18.

100 HH: 1. Mariah Feder (PC), 16.01; 2. Isabelle Dely (PC), 16.35; 3. Christian Rasnake (HA), 16.69; 4. Amaiyah Paul (HA), 16.92; 5. Mila Spaar (HA), 19.65; 6. Madeline Gadaleta (HA), 19.69.

400 IH: 1. Faith Sutton (PC), 1:05.18; 2. Fiona Ralph (HA), 1:06.54; 3. Mariah Feder (PC), 1:07.19; 4. Olivia Tavani (HA), 1:10.81; 5. Megan Brockmeier (HA), 1:12.82; 6. Mary Hughes (HA), 1:16.01.

Shot put: 1. Anya Skae (HA), 34-9 1/2; 2. Brianna Hayes (PC), 34-8 1/4; 3. Dymond Robinson (PC), 31-9 1/2; 4. Kiyara Santos (PC), 30-5 3/4; 5. Cara Czekus (HA), 29-9 1/2; 6. Daryza Byrdsong (DE), 28-11.

Discus: 1. Anya Skae (HA), 100-10; 2. Mary Hughes (HA), 83-3; 3. Cara Czekus (HA), 82-6; 4. Lourdes Otis (PC), 79-0; 5. Brianna Hayes (PC), 78-9; 6. Dymond Robinson (PC), 78-1.

Javelin: 1. Mary Hughes (HA), 98-3; 2. Olivia Tavani (HA), 85-10; 3. Darya Byrdsong (DE), 82-1; 4. Samantha Romano (HA), 80-7; 5. Emily Pintarelli (HA), 79-10; 6. Daniella Smith (HA), 73-8.

High jump: 1. Tiffany Bautista (PC), 5-2; 2. Collette Petric (HA), 5-0; 3. Sam Cummings (QP), 4-10; 4. Arealyah Paul (HA), 4-10; 5. Isabelle Dely (PC), 4-8; 6. Tie between Lourdes Otis (PC) and Nicole Gysin (HA), 4-6.

Long jump: 1. Tiffany Bautista (PC), 19-1; 2. Faith Sutton (PC), 18-5 1/2; 3. Victoria Kong (DE), 16-3; 4. Lourdes Otis (HA), 16-0 3/4; 5. Kennedie-Cox (PC), 16-0; 6. Gabby Raia (HA), 15-7.

Triple jump: 1. Tiffany Bautista (PC), 37-5; 2. Isabelle Dely (PC), 33-10 1/2; 3. Victoria Kong (DE), 32-6 3/4; 4. Arealyah Paul (HA), 31-8 1/2; 5. Lourdes Otis (HA), 31-11; 6. Areliyah Paul (HA), 30-8.

Pole vault: Postponed until Monday.

4-x-100 relay: 1. Paramus Catholic (Isabelle Dely, Kiyara Santos, Lindsey Desir, Kennedie Cox), 51.57; 2. IHA, 52.67; 3. Holy Angels, 52.80; 4. Dwight-Englewood, 55.22.

4-x-400 relay: 1. IHA (Kristina Shaw, Megan Brockmeier, Olivia Tavani, Fiona Ralph), 4:08.59; 2. Holy Angels, 4:12.48; 3. Paramus Catholic, 4:19.14.

4-x-800 relay: 1. Holy Angels (Christina Bagin, Olivia Mandella, Abigail Rumbolo, Mackenzie Hughes), 9:53.32; 2. IHA, 10:13.44; 3. Paramus Catholic, 10:26.38; 4. Dwight-Englewood, 13:16.88.
